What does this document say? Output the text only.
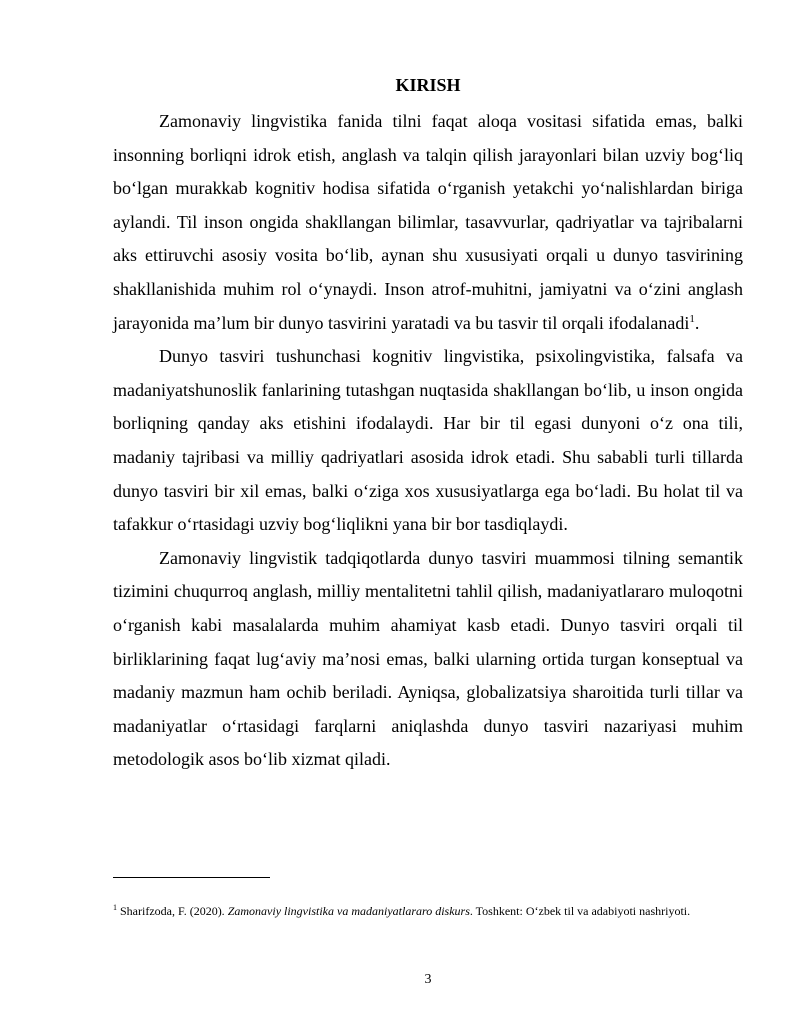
KIRISH

Zamonaviy lingvistika fanida tilni faqat aloqa vositasi sifatida emas, balki insonning borliqni idrok etish, anglash va talqin qilish jarayonlari bilan uzviy bog‘liq bo‘lgan murakkab kognitiv hodisa sifatida o‘rganish yetakchi yo‘nalishlardan biriga aylandi. Til inson ongida shakllangan bilimlar, tasavvurlar, qadriyatlar va tajribalarni aks ettiruvchi asosiy vosita bo‘lib, aynan shu xususiyati orqali u dunyo tasvirining shakllanishida muhim rol o‘ynaydi. Inson atrof-muhitni, jamiyatni va o‘zini anglash jarayonida ma’lum bir dunyo tasvirini yaratadi va bu tasvir til orqali ifodalanadi$^1$.

Dunyo tasviri tushunchasi kognitiv lingvistika, psixolingvistika, falsafa va madaniyatshunoslik fanlarining tutashgan nuqtasida shakllangan bo‘lib, u inson ongida borliqning qanday aks etishini ifodalaydi. Har bir til egasi dunyoni o‘z ona tili, madaniy tajribasi va milliy qadriyatlari asosida idrok etadi. Shu sababli turli tillarda dunyo tasviri bir xil emas, balki o‘ziga xos xususiyatlarga ega bo‘ladi. Bu holat til va tafakkur o‘rtasidagi uzviy bog‘liqlikni yana bir bor tasdiqlaydi.

Zamonaviy lingvistik tadqiqotlarda dunyo tasviri muammosi tilning semantik tizimini chuqurroq anglash, milliy mentalitetni tahlil qilish, madaniyatlararo muloqotni o‘rganish kabi masalalarda muhim ahamiyat kasb etadi. Dunyo tasviri orqali til birliklarining faqat lug‘aviy ma’nosi emas, balki ularning ortida turgan konseptual va madaniy mazmun ham ochib beriladi. Ayniqsa, globalizatsiya sharoitida turli tillar va madaniyatlar o‘rtasidagi farqlarni aniqlashda dunyo tasviri nazariyasi muhim metodologik asos bo‘lib xizmat qiladi.

$^1$ Sharifzoda, F. (2020). Zamonaviy lingvistika va madaniyatlararo diskurs. Toshkent: O‘zbek til va adabiyoti nashriyoti.
3
